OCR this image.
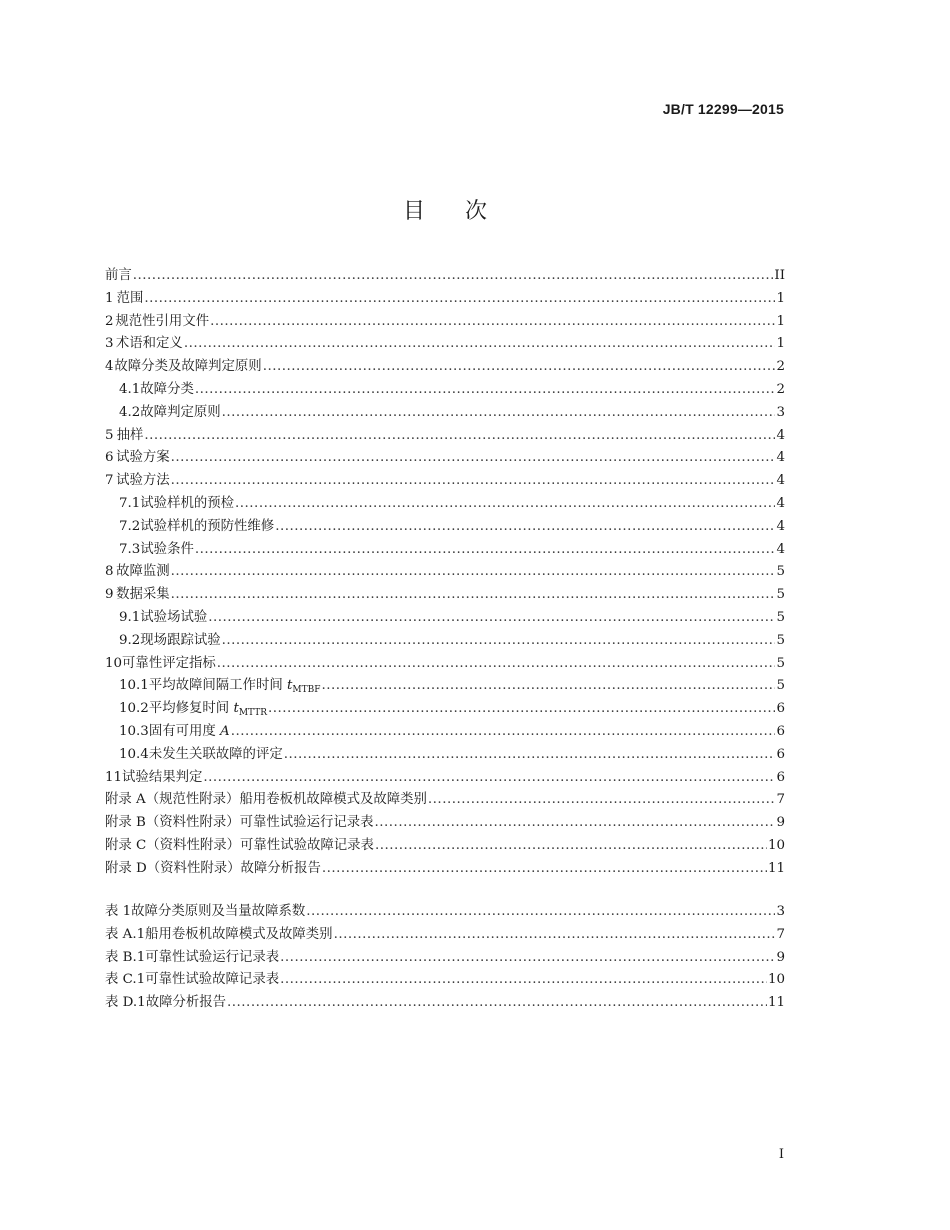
JB/T 12299—2015
目 次
前言 .....	II
1 范围 .....	1
2 规范性引用文件 .....	1
3 术语和定义 .....	1
4 故障分类及故障判定原则 .....	2
4.1 故障分类 .....	2
4.2 故障判定原则 .....	3
5 抽样 .....	4
6 试验方案 .....	4
7 试验方法 .....	4
7.1 试验样机的预检 .....	4
7.2 试验样机的预防性维修 .....	4
7.3 试验条件 .....	4
8 故障监测 .....	5
9 数据采集 .....	5
9.1 试验场试验 .....	5
9.2 现场跟踪试验 .....	5
10 可靠性评定指标 .....	5
10.1 平均故障间隔工作时间 $t_{MTBF}$ .....	5
10.2 平均修复时间 $t_{MTTR}$ .....	6
10.3 固有可用度 A .....	6
10.4 未发生关联故障的评定 .....	6
11 试验结果判定 .....	6
附录 A （规范性附录） 船用卷板机故障模式及故障类别 .....	7
附录 B （资料性附录） 可靠性试验运行记录表 .....	9
附录 C （资料性附录） 可靠性试验故障记录表 .....	10
附录 D （资料性附录） 故障分析报告 .....	11
表 1 故障分类原则及当量故障系数 .....	3
表 A.1 船用卷板机故障模式及故障类别 .....	7
表 B.1 可靠性试验运行记录表 .....	9
表 C.1 可靠性试验故障记录表 .....	10
表 D.1 故障分析报告 .....	11
I
